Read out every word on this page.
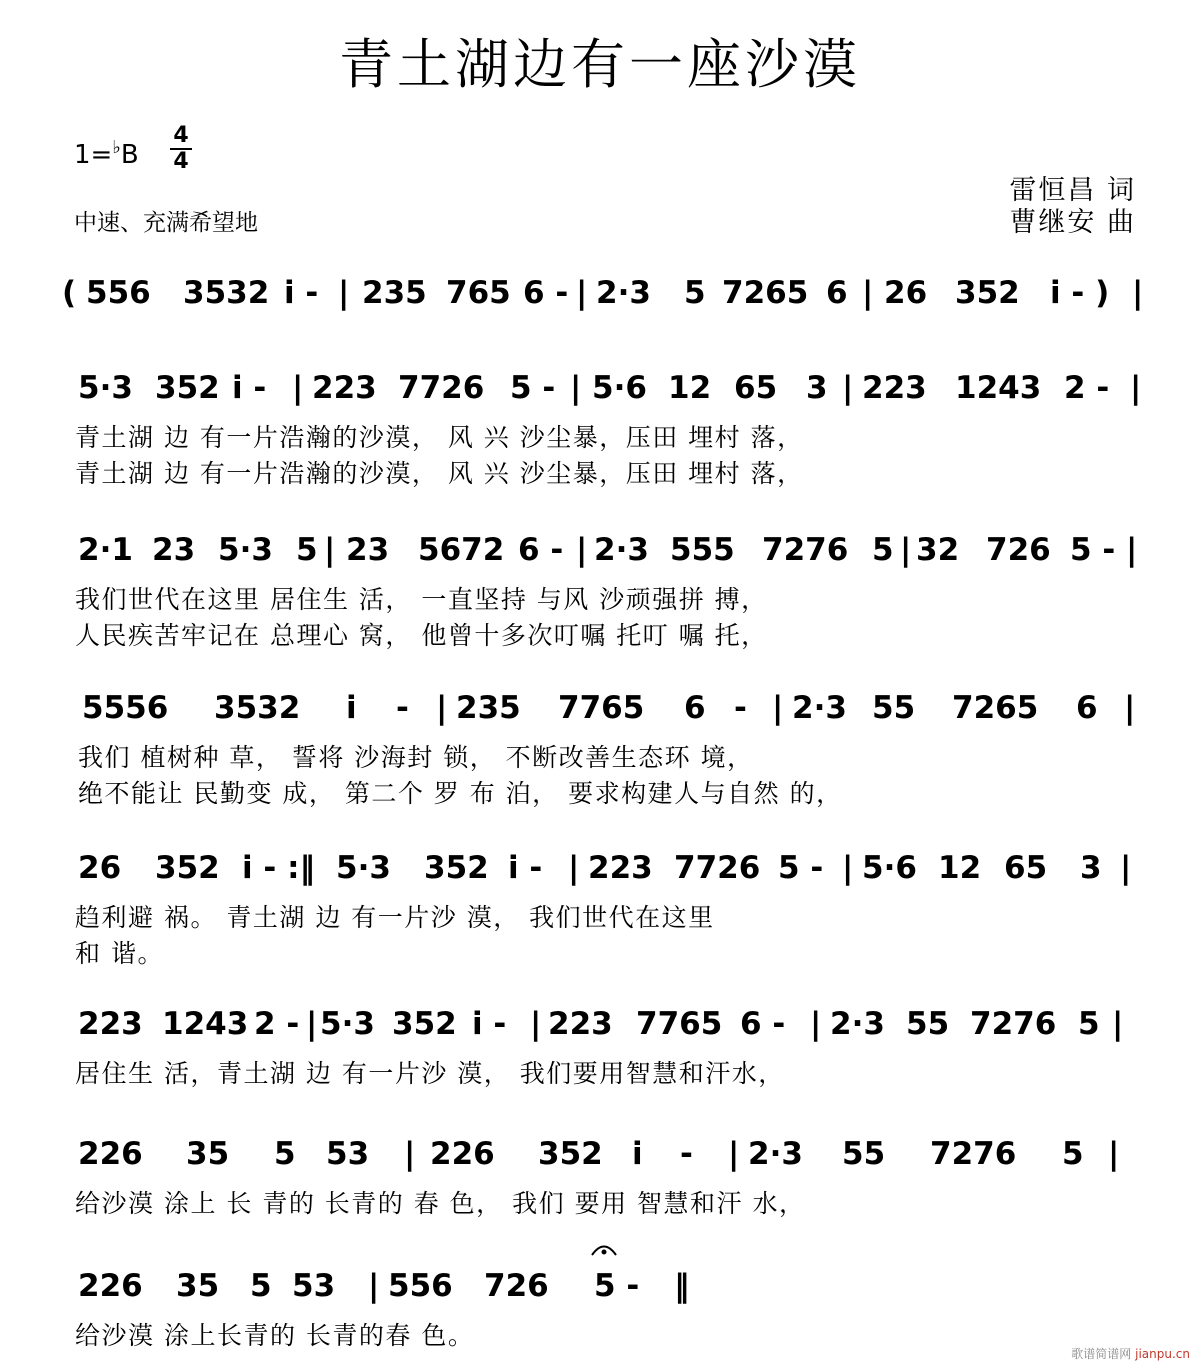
青土湖边有一座沙漠
1=♭B
4
4
中速、充满希望地
雷恒昌 词
曹继安 曲
( 556 3532 i - | 235 765 6 - | 2·3 5 7265 6 | 26 352 i - ) |
5·3 352 i - | 223 7726 5 - | 5·6 12 65 3 | 223 1243 2 - |
青土湖 边 有一片浩瀚的沙漠， 风 兴 沙尘暴，压田 埋村 落，
青土湖 边 有一片浩瀚的沙漠， 风 兴 沙尘暴，压田 埋村 落，
2·1 23 5·3 5 | 23 5672 6 - | 2·3 555 7276 5 | 32 726 5 - |
我们世代在这里 居住生 活， 一直坚持 与风 沙顽强拼 搏，
人民疾苦牢记在 总理心 窝， 他曾十多次叮嘱 托叮 嘱 托，
5556 3532 i - | 235 7765 6 - | 2·3 55 7265 6 |
我们 植树种 草， 誓将 沙海封 锁， 不断改善生态环 境，
绝不能让 民勤变 成， 第二个 罗 布 泊， 要求构建人与自然 的，
26 352 i - :‖ 5·3 352 i - | 223 7726 5 - | 5·6 12 65 3 |
趋利避 祸。 青土湖 边 有一片沙 漠， 我们世代在这里
和 谐。
223 1243 2 - | 5·3 352 i - | 223 7765 6 - | 2·3 55 7276 5 |
居住生 活，青土湖 边 有一片沙 漠， 我们要用智慧和汗水，
226 35 5 53 | 226 352 i - | 2·3 55 7276 5 |
给沙漠 涂上 长 青的 长青的 春 色， 我们 要用 智慧和汗 水，
226 35 5 53 | 556 726 5 - ‖
给沙漠 涂上长青的 长青的春 色。
歌谱简谱网 jianpu.cn
